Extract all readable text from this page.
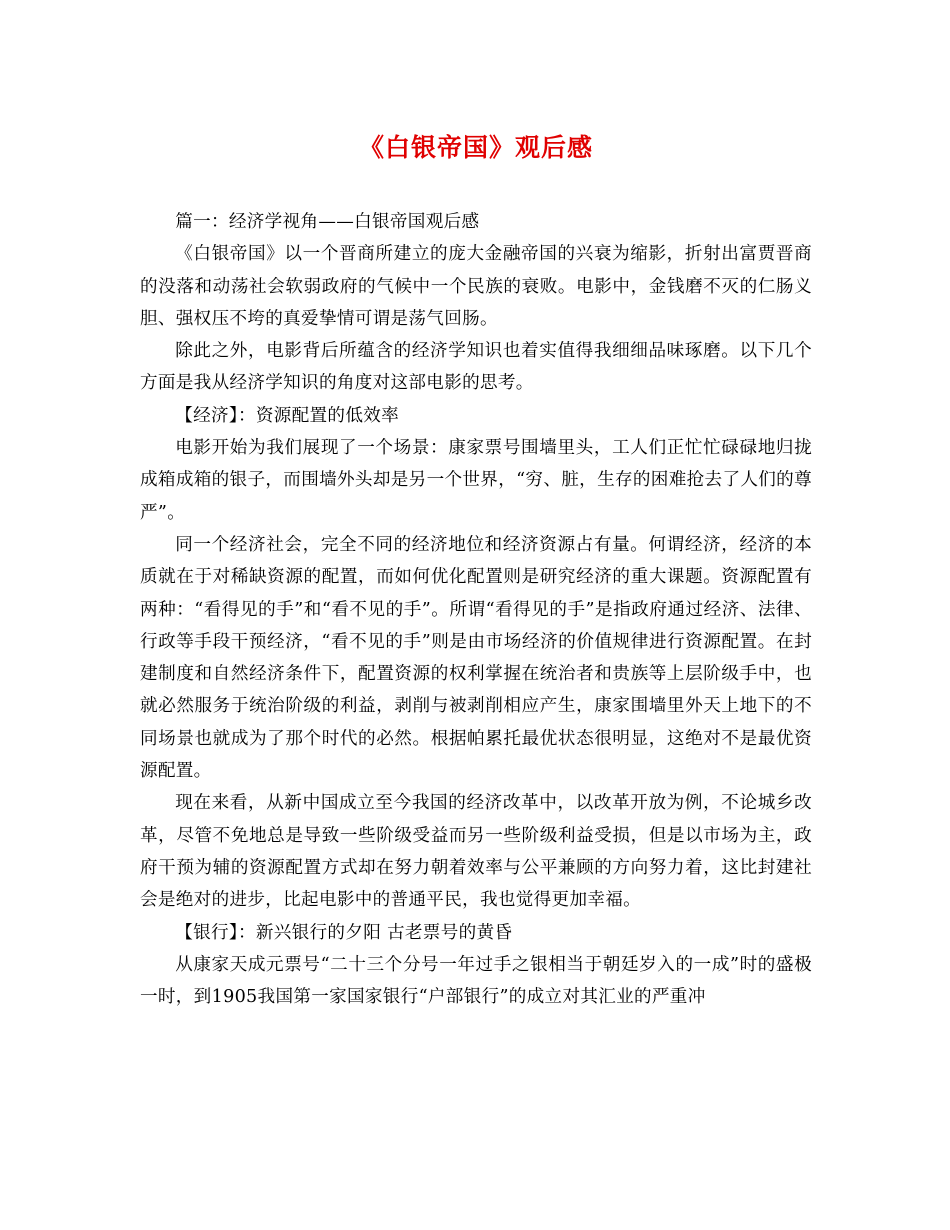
《白银帝国》观后感

篇一：经济学视角——白银帝国观后感

《白银帝国》以一个晋商所建立的庞大金融帝国的兴衰为缩影，折射出富贾晋商的没落和动荡社会软弱政府的气候中一个民族的衰败。电影中，金钱磨不灭的仁肠义胆、强权压不垮的真爱挚情可谓是荡气回肠。

除此之外，电影背后所蕴含的经济学知识也着实值得我细细品味琢磨。以下几个方面是我从经济学知识的角度对这部电影的思考。

【经济】：资源配置的低效率

电影开始为我们展现了一个场景：康家票号围墙里头，工人们正忙忙碌碌地归拢成箱成箱的银子，而围墙外头却是另一个世界，“穷、脏，生存的困难抢去了人们的尊严”。

同一个经济社会，完全不同的经济地位和经济资源占有量。何谓经济，经济的本质就在于对稀缺资源的配置，而如何优化配置则是研究经济的重大课题。资源配置有两种：“看得见的手”和“看不见的手”。所谓“看得见的手”是指政府通过经济、法律、行政等手段干预经济，“看不见的手”则是由市场经济的价值规律进行资源配置。在封建制度和自然经济条件下，配置资源的权利掌握在统治者和贵族等上层阶级手中，也就必然服务于统治阶级的利益，剥削与被剥削相应产生，康家围墙里外天上地下的不同场景也就成为了那个时代的必然。根据帕累托最优状态很明显，这绝对不是最优资源配置。

现在来看，从新中国成立至今我国的经济改革中，以改革开放为例，不论城乡改革，尽管不免地总是导致一些阶级受益而另一些阶级利益受损，但是以市场为主，政府干预为辅的资源配置方式却在努力朝着效率与公平兼顾的方向努力着，这比封建社会是绝对的进步，比起电影中的普通平民，我也觉得更加幸福。

【银行】：新兴银行的夕阳 古老票号的黄昏

从康家天成元票号“二十三个分号一年过手之银相当于朝廷岁入的一成”时的盛极一时，到1905我国第一家国家银行“户部银行”的成立对其汇业的严重冲
